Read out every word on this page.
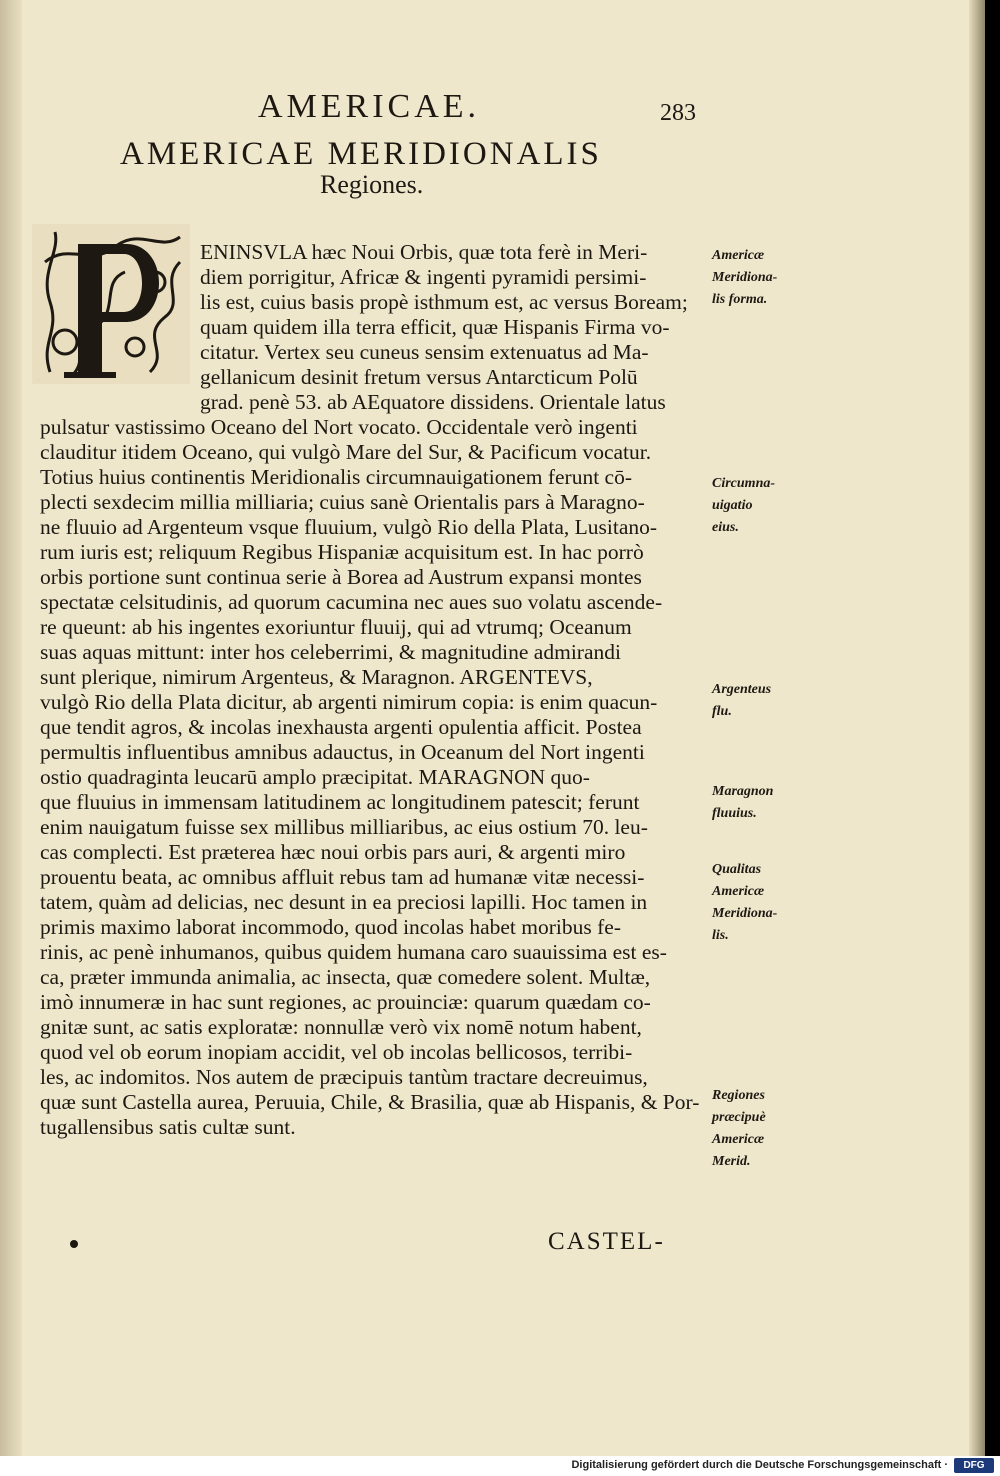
AMERICAE.	283
AMERICAE MERIDIONALIS
Regiones.
P
ENINSVLA hæc Noui Orbis, quæ tota ferè in Meri-
diem porrigitur, Africæ & ingenti pyramidi persimi-
lis est, cuius basis propè isthmum est, ac versus Boream;
quam quidem illa terra efficit, quæ Hispanis Firma vo-
citatur. Vertex seu cuneus sensim extenuatus ad Ma-
gellanicum desinit fretum versus Antarcticum Polū
grad. penè 53. ab AEquatore dissidens. Orientale latus
pulsatur vastissimo Oceano del Nort vocato. Occidentale verò ingenti
clauditur itidem Oceano, qui vulgò Mare del Sur, & Pacificum vocatur.
Totius huius continentis Meridionalis circumnauigationem ferunt cō-
plecti sexdecim millia milliaria; cuius sanè Orientalis pars à Maragno-
ne fluuio ad Argenteum vsque fluuium, vulgò Rio della Plata, Lusitano-
rum iuris est; reliquum Regibus Hispaniæ acquisitum est. In hac porrò
orbis portione sunt continua serie à Borea ad Austrum expansi montes
spectatæ celsitudinis, ad quorum cacumina nec aues suo volatu ascende-
re queunt: ab his ingentes exoriuntur fluuij, qui ad vtrumq; Oceanum
suas aquas mittunt: inter hos celeberrimi, & magnitudine admirandi
sunt plerique, nimirum Argenteus, & Maragnon. ARGENTEVS,
vulgò Rio della Plata dicitur, ab argenti nimirum copia: is enim quacun-
que tendit agros, & incolas inexhausta argenti opulentia afficit. Postea
permultis influentibus amnibus adauctus, in Oceanum del Nort ingenti
ostio quadraginta leucarū amplo præcipitat. MARAGNON quo-
que fluuius in immensam latitudinem ac longitudinem patescit; ferunt
enim nauigatum fuisse sex millibus milliaribus, ac eius ostium 70. leu-
cas complecti. Est præterea hæc noui orbis pars auri, & argenti miro
prouentu beata, ac omnibus affluit rebus tam ad humanæ vitæ necessi-
tatem, quàm ad delicias, nec desunt in ea preciosi lapilli. Hoc tamen in
primis maximo laborat incommodo, quod incolas habet moribus fe-
rinis, ac penè inhumanos, quibus quidem humana caro suauissima est es-
ca, præter immunda animalia, ac insecta, quæ comedere solent. Multæ,
imò innumeræ in hac sunt regiones, ac prouinciæ: quarum quædam co-
gnitæ sunt, ac satis exploratæ: nonnullæ verò vix nomē notum habent,
quod vel ob eorum inopiam accidit, vel ob incolas bellicosos, terribi-
les, ac indomitos. Nos autem de præcipuis tantùm tractare decreuimus,
quæ sunt Castella aurea, Peruuia, Chile, & Brasilia, quæ ab Hispanis, & Por-
tugallensibus satis cultæ sunt.
Americæ
Meridiona-
lis forma.
Circumna-
uigatio
eius.
Argenteus
flu.
Maragnon
fluuius.
Qualitas
Americæ
Meridiona-
lis.
Regiones
præcipuè
Americæ
Merid.
CASTEL-
Digitalisierung gefördert durch die Deutsche Forschungsgemeinschaft ·	DFG
